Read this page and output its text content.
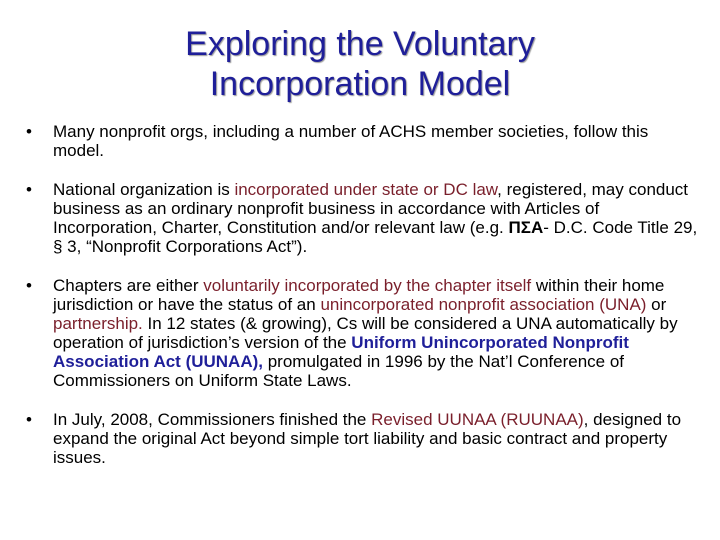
Exploring the Voluntary
Incorporation Model
• Many nonprofit orgs, including a number of ACHS member societies, follow this model.
• National organization is incorporated under state or DC law, registered, may conduct business as an ordinary nonprofit business in accordance with Articles of Incorporation, Charter, Constitution and/or relevant law (e.g. ΠΣΑ- D.C. Code Title 29, § 3, “Nonprofit Corporations Act”).
• Chapters are either voluntarily incorporated by the chapter itself within their home jurisdiction or have the status of an unincorporated nonprofit association (UNA) or partnership. In 12 states (& growing), Cs will be considered a UNA automatically by operation of jurisdiction’s version of the Uniform Unincorporated Nonprofit Association Act (UUNAA), promulgated in 1996 by the Nat’l Conference of Commissioners on Uniform State Laws.
• In July, 2008, Commissioners finished the Revised UUNAA (RUUNAA), designed to expand the original Act beyond simple tort liability and basic contract and property issues.
